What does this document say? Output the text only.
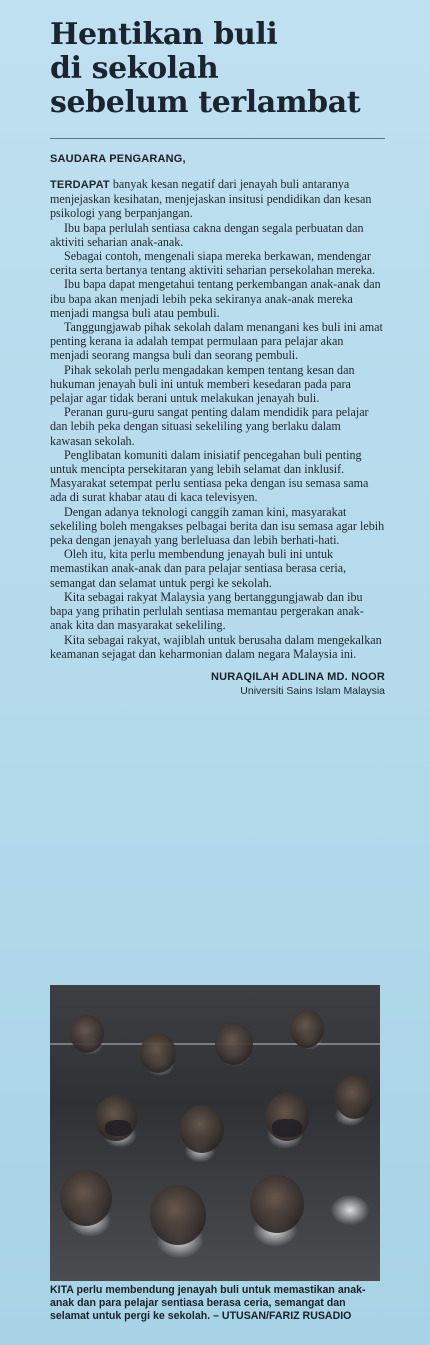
Hentikan buli
di sekolah
sebelum terlambat
SAUDARA PENGARANG,

TERDAPAT banyak kesan negatif dari jenayah buli antaranya menjejaskan kesihatan, menjejaskan insitusi pendidikan dan kesan psikologi yang berpanjangan.

Ibu bapa perlulah sentiasa cakna dengan segala perbuatan dan aktiviti seharian anak-anak.

Sebagai contoh, mengenali siapa mereka berkawan, mendengar cerita serta bertanya tentang aktiviti seharian persekolahan mereka.

Ibu bapa dapat mengetahui tentang perkembangan anak-anak dan ibu bapa akan menjadi lebih peka sekiranya anak-anak mereka menjadi mangsa buli atau pembuli.

Tanggungjawab pihak sekolah dalam menangani kes buli ini amat penting kerana ia adalah tempat permulaan para pelajar akan menjadi seorang mangsa buli dan seorang pembuli.

Pihak sekolah perlu mengadakan kempen tentang kesan dan hukuman jenayah buli ini untuk memberi kesedaran pada para pelajar agar tidak berani untuk melakukan jenayah buli.

Peranan guru-guru sangat penting dalam mendidik para pelajar dan lebih peka dengan situasi sekeliling yang berlaku dalam kawasan sekolah.

Penglibatan komuniti dalam inisiatif pencegahan buli penting untuk mencipta persekitaran yang lebih selamat dan inklusif. Masyarakat setempat perlu sentiasa peka dengan isu semasa sama ada di surat khabar atau di kaca televisyen.

Dengan adanya teknologi canggih zaman kini, masyarakat sekeliling boleh mengakses pelbagai berita dan isu semasa agar lebih peka dengan jenayah yang berleluasa dan lebih berhati-hati.

Oleh itu, kita perlu membendung jenayah buli ini untuk memastikan anak-anak dan para pelajar sentiasa berasa ceria, semangat dan selamat untuk pergi ke sekolah.

Kita sebagai rakyat Malaysia yang bertanggungjawab dan ibu bapa yang prihatin perlulah sentiasa memantau pergerakan anak-anak kita dan masyarakat sekeliling.

Kita sebagai rakyat, wajiblah untuk berusaha dalam mengekalkan keamanan sejagat dan keharmonian dalam negara Malaysia ini.

NURAQILAH ADLINA MD. NOOR
Universiti Sains Islam Malaysia
KITA perlu membendung jenayah buli untuk memastikan anak-anak dan para pelajar sentiasa berasa ceria, semangat dan selamat untuk pergi ke sekolah. – UTUSAN/FARIZ RUSADIO
